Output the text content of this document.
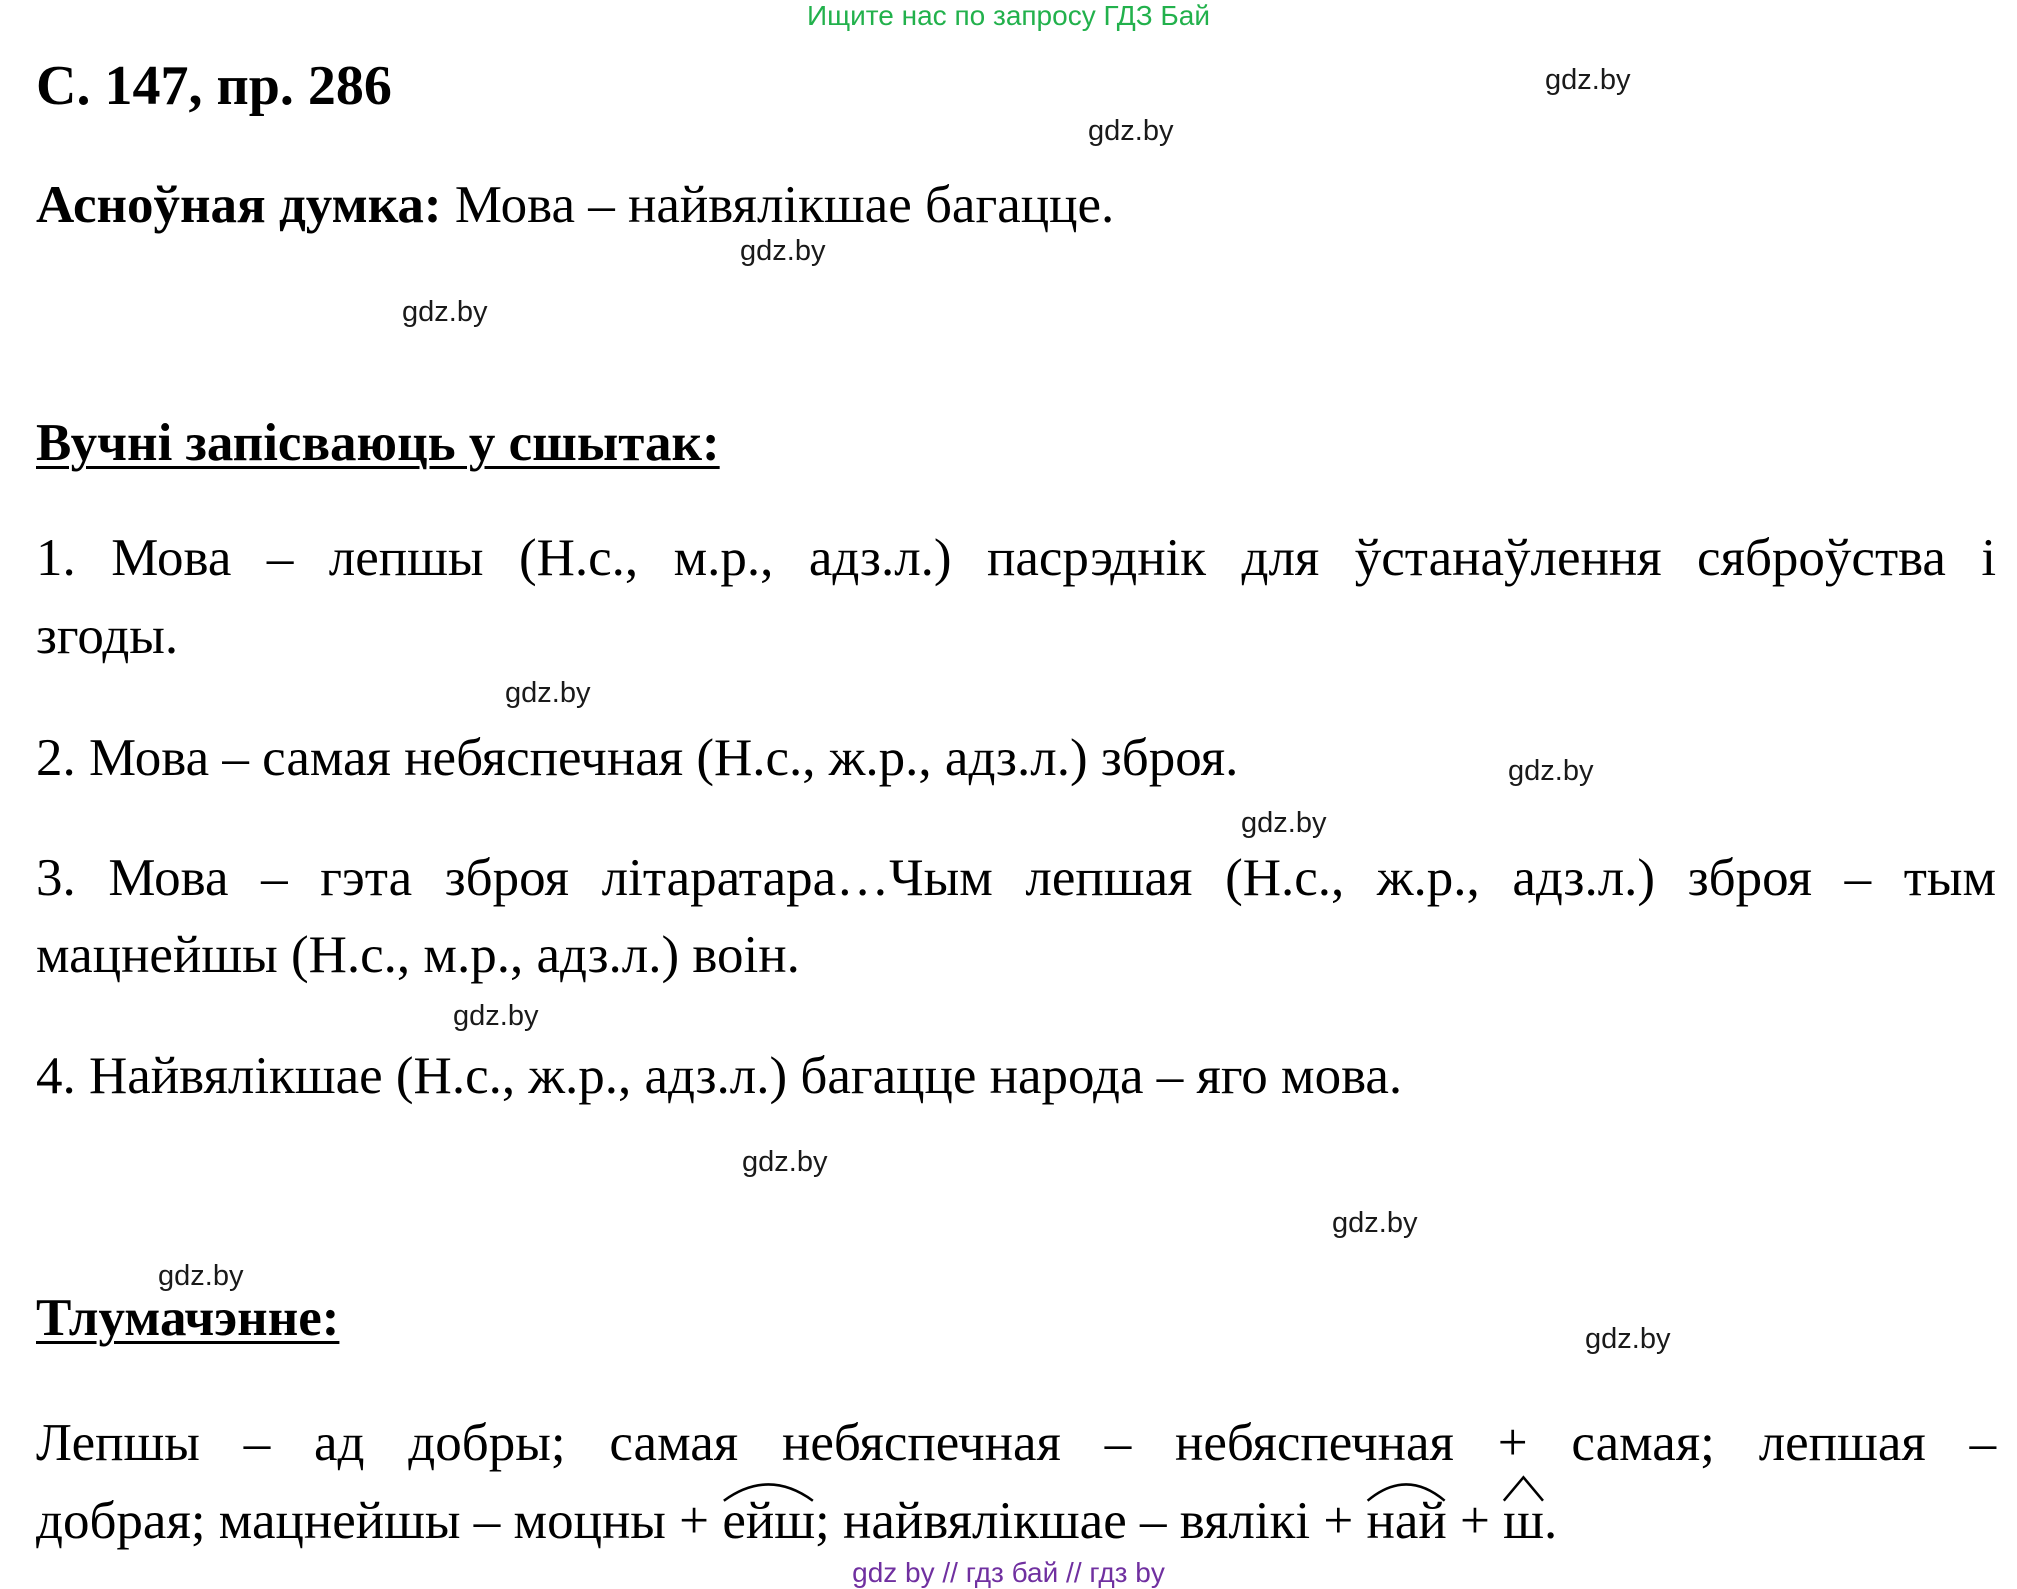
Ищите нас по запросу ГДЗ Бай
С. 147, пр. 286
Асноўная думка: Мова – найвялікшае багацце.
Вучні запісваюць у сшытак:
1. Мова – лепшы (Н.с., м.р., адз.л.) пасрэднік для ўстанаўлення сяброўства і
згоды.
2. Мова – самая небяспечная (Н.с., ж.р., адз.л.) зброя.
3. Мова – гэта зброя літаратара…Чым лепшая (Н.с., ж.р., адз.л.) зброя – тым
мацнейшы (Н.с., м.р., адз.л.) воін.
4. Найвялікшае (Н.с., ж.р., адз.л.) багацце народа – яго мова.
Тлумачэнне:
Лепшы – ад добры; самая небяспечная – небяспечная + самая; лепшая –
добрая; мацнейшы – моцны +
ейш; найвялікшае – вялікі +
най +
ш.
gdz.by
gdz.by
gdz.by
gdz.by
gdz.by
gdz.by
gdz.by
gdz.by
gdz.by
gdz.by
gdz.by
gdz.by
gdz by // гдз бай // гдз by
